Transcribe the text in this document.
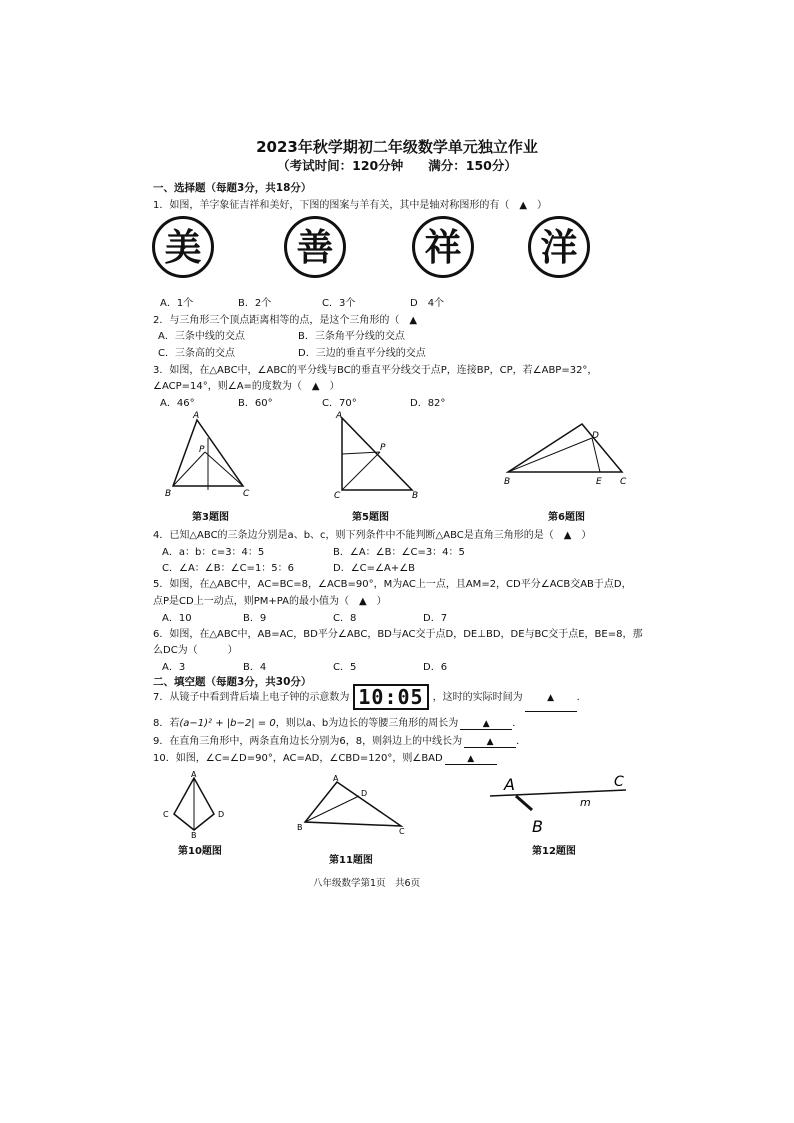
2023年秋学期初二年级数学单元独立作业
（考试时间：120分钟　　满分：150分）
一、选择题（每题3分，共18分）
1．如图，羊字象征吉祥和美好，下图的图案与羊有关，其中是轴对称图形的有（　▲　）
美	善 祥 洋
A．1个	B．2个	C．3个	D　4个
2．与三角形三个顶点距离相等的点，是这个三角形的（　▲
A．三条中线的交点	B．三条角平分线的交点
C．三条高的交点	D．三边的垂直平分线的交点
3．如图，在△ABC中，∠ABC的平分线与BC的垂直平分线交于点P，连接BP，CP，若∠ABP=32°，
∠ACP=14°，则∠A=的度数为（　▲　）
A．46°	B．60°	C．70°	D．82°
A
B	C
P
A
B
C
P
B	C
D
E
第3题图	第5题图	第6题图
4．已知△ABC的三条边分别是a、b、c，则下列条件中不能判断△ABC是直角三角形的是（　▲　）
A．a：b：c=3：4：5	B．∠A：∠B：∠C=3：4：5
C．∠A：∠B：∠C=1：5：6	D．∠C=∠A+∠B
5．如图，在△ABC中，AC=BC=8，∠ACB=90°，M为AC上一点，且AM=2，CD平分∠ACB交AB于点D，
点P是CD上一动点，则PM+PA的最小值为（　▲　）
A．10	B．9	C．8	D．7
6．如图，在△ABC中，AB=AC，BD平分∠ABC，BD与AC交于点D，DE⊥BD，DE与BC交于点E，BE=8，那
么DC为（　　　）
A．3	B．4	C．5	D．6
二、填空题（每题3分，共30分）
7．从镜子中看到背后墙上电子钟的示意数为 10:05 ，这时的实际时间为	▲ ．
8．若(a−1)² + |b−2| = 0，则以a、b为边长的等腰三角形的周长为	▲ ．
9．在直角三角形中，两条直角边长分别为6，8，则斜边上的中线长为	▲ ．
10．如图，∠C=∠D=90°，AC=AD，∠CBD=120°，则∠BAD	▲
A
B
C	D
A
B	C
D	A
B
C
m
第10题图
第11题图
第12题图
八年级数学第1页　共6页
